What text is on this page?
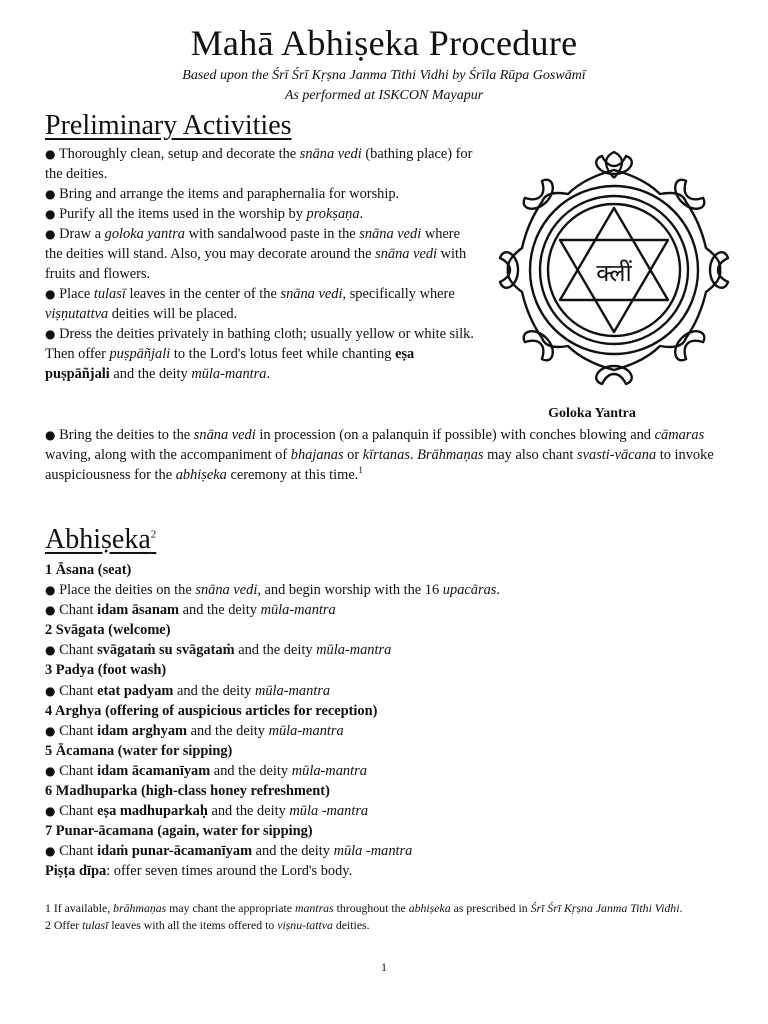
Mahā Abhiṣeka Procedure

Based upon the Śrī Śrī Kṛṣna Janma Tithi Vidhi by Śrīla Rūpa Goswāmī

As performed at ISKCON Mayapur

Preliminary Activities

● Thoroughly clean, setup and decorate the snāna vedi (bathing place) for the deities.

● Bring and arrange the items and paraphernalia for worship.

● Purify all the items used in the worship by prokṣaṇa.

● Draw a goloka yantra with sandalwood paste in the snāna vedi where the deities will stand. Also, you may decorate around the snāna vedi with fruits and flowers.

● Place tulasī leaves in the center of the snāna vedi, specifically where viṣṇutattva deities will be placed.

● Dress the deities privately in bathing cloth; usually yellow or white silk. Then offer puṣpāñjali to the Lord's lotus feet while chanting eṣa puṣpāñjali and the deity mūla-mantra.

क्लीं
Goloka Yantra
● Bring the deities to the snāna vedi in procession (on a palanquin if possible) with conches blowing and cāmaras waving, along with the accompaniment of bhajanas or kīrtanas. Brāhmaṇas may also chant svasti-vācana to invoke auspiciousness for the abhiṣeka ceremony at this time.$^1$
Abhiṣeka$^2$

1 Āsana (seat)

● Place the deities on the snāna vedi, and begin worship with the 16 upacāras.

● Chant idam āsanam and the deity mūla-mantra

2 Svāgata (welcome)

● Chant svāgataṁ su svāgataṁ and the deity mūla-mantra

3 Padya (foot wash)

● Chant etat padyam and the deity mūla-mantra

4 Arghya (offering of auspicious articles for reception)

● Chant idam arghyam and the deity mūla-mantra

5 Ācamana (water for sipping)

● Chant idam ācamanīyam and the deity mūla-mantra

6 Madhuparka (high-class honey refreshment)

● Chant eṣa madhuparkaḥ and the deity mūla -mantra

7 Punar-ācamana (again, water for sipping)

● Chant idaṁ punar-ācamanīyam and the deity mūla -mantra

Piṣṭa dīpa: offer seven times around the Lord's body.

1 If available, brāhmaṇas may chant the appropriate mantras throughout the abhiṣeka as prescribed in Śrī Śrī Kṛṣna Janma Tithi Vidhi.

2 Offer tulasī leaves with all the items offered to viṣnu-tattva deities.

1
